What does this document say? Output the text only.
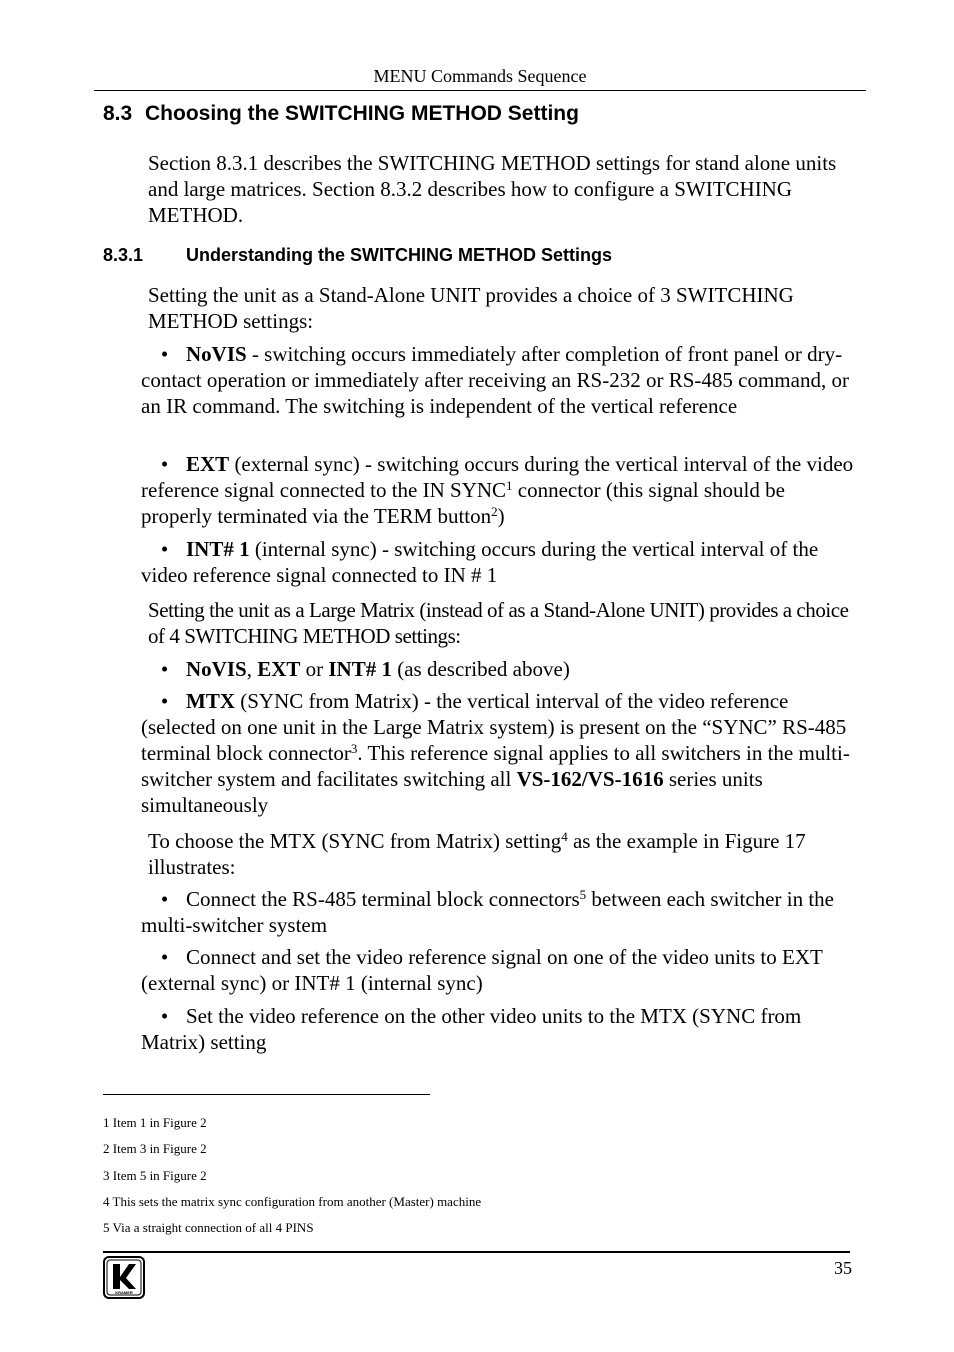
MENU Commands Sequence
8.3 Choosing the SWITCHING METHOD Setting
Section 8.3.1 describes the SWITCHING METHOD settings for stand alone units and large matrices. Section 8.3.2 describes how to configure a SWITCHING METHOD.
8.3.1 Understanding the SWITCHING METHOD Settings
Setting the unit as a Stand-Alone UNIT provides a choice of 3 SWITCHING METHOD settings:
• NoVIS - switching occurs immediately after completion of front panel or dry-contact operation or immediately after receiving an RS-232 or RS-485 command, or an IR command. The switching is independent of the vertical reference
• EXT (external sync) - switching occurs during the vertical interval of the video reference signal connected to the IN SYNC$^1$ connector (this signal should be properly terminated via the TERM button$^2$)
• INT# 1 (internal sync) - switching occurs during the vertical interval of the video reference signal connected to IN # 1
Setting the unit as a Large Matrix (instead of as a Stand-Alone UNIT) provides a choice of 4 SWITCHING METHOD settings:
• NoVIS, EXT or INT# 1 (as described above)
• MTX (SYNC from Matrix) - the vertical interval of the video reference (selected on one unit in the Large Matrix system) is present on the “SYNC” RS-485 terminal block connector$^3$. This reference signal applies to all switchers in the multi-switcher system and facilitates switching all VS-162/VS-1616 series units simultaneously
To choose the MTX (SYNC from Matrix) setting$^4$ as the example in Figure 17 illustrates:
• Connect the RS-485 terminal block connectors$^5$ between each switcher in the multi-switcher system
• Connect and set the video reference signal on one of the video units to EXT (external sync) or INT# 1 (internal sync)
• Set the video reference on the other video units to the MTX (SYNC from Matrix) setting
1 Item 1 in Figure 2
2 Item 3 in Figure 2
3 Item 5 in Figure 2
4 This sets the matrix sync configuration from another (Master) machine
5 Via a straight connection of all 4 PINS
35
KRAMER
